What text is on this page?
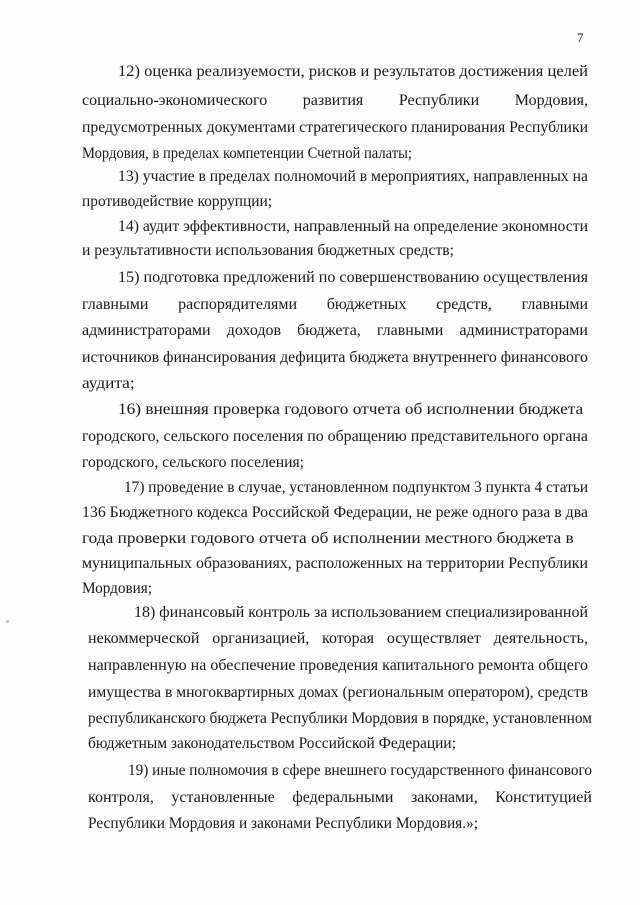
7
12) оценка реализуемости, рисков и результатов достижения целей
социально-экономического развития Республики Мордовия,
предусмотренных документами стратегического планирования Республики
Мордовия, в пределах компетенции Счетной палаты;
13) участие в пределах полномочий в мероприятиях, направленных на
противодействие коррупции;
14) аудит эффективности, направленный на определение экономности
и результативности использования бюджетных средств;
15) подготовка предложений по совершенствованию осуществления
главными распорядителями бюджетных средств, главными
администраторами доходов бюджета, главными администраторами
источников финансирования дефицита бюджета внутреннего финансового
аудита;
16) внешняя проверка годового отчета об исполнении бюджета
городского, сельского поселения по обращению представительного органа
городского, сельского поселения;
17) проведение в случае, установленном подпунктом 3 пункта 4 статьи
136 Бюджетного кодекса Российской Федерации, не реже одного раза в два
года проверки годового отчета об исполнении местного бюджета в
муниципальных образованиях, расположенных на территории Республики
Мордовия;
18) финансовый контроль за использованием специализированной
некоммерческой организацией, которая осуществляет деятельность,
направленную на обеспечение проведения капитального ремонта общего
имущества в многоквартирных домах (региональным оператором), средств
республиканского бюджета Республики Мордовия в порядке, установленном
бюджетным законодательством Российской Федерации;
19) иные полномочия в сфере внешнего государственного финансового
контроля, установленные федеральными законами, Конституцией
Республики Мордовия и законами Республики Мордовия.»;
